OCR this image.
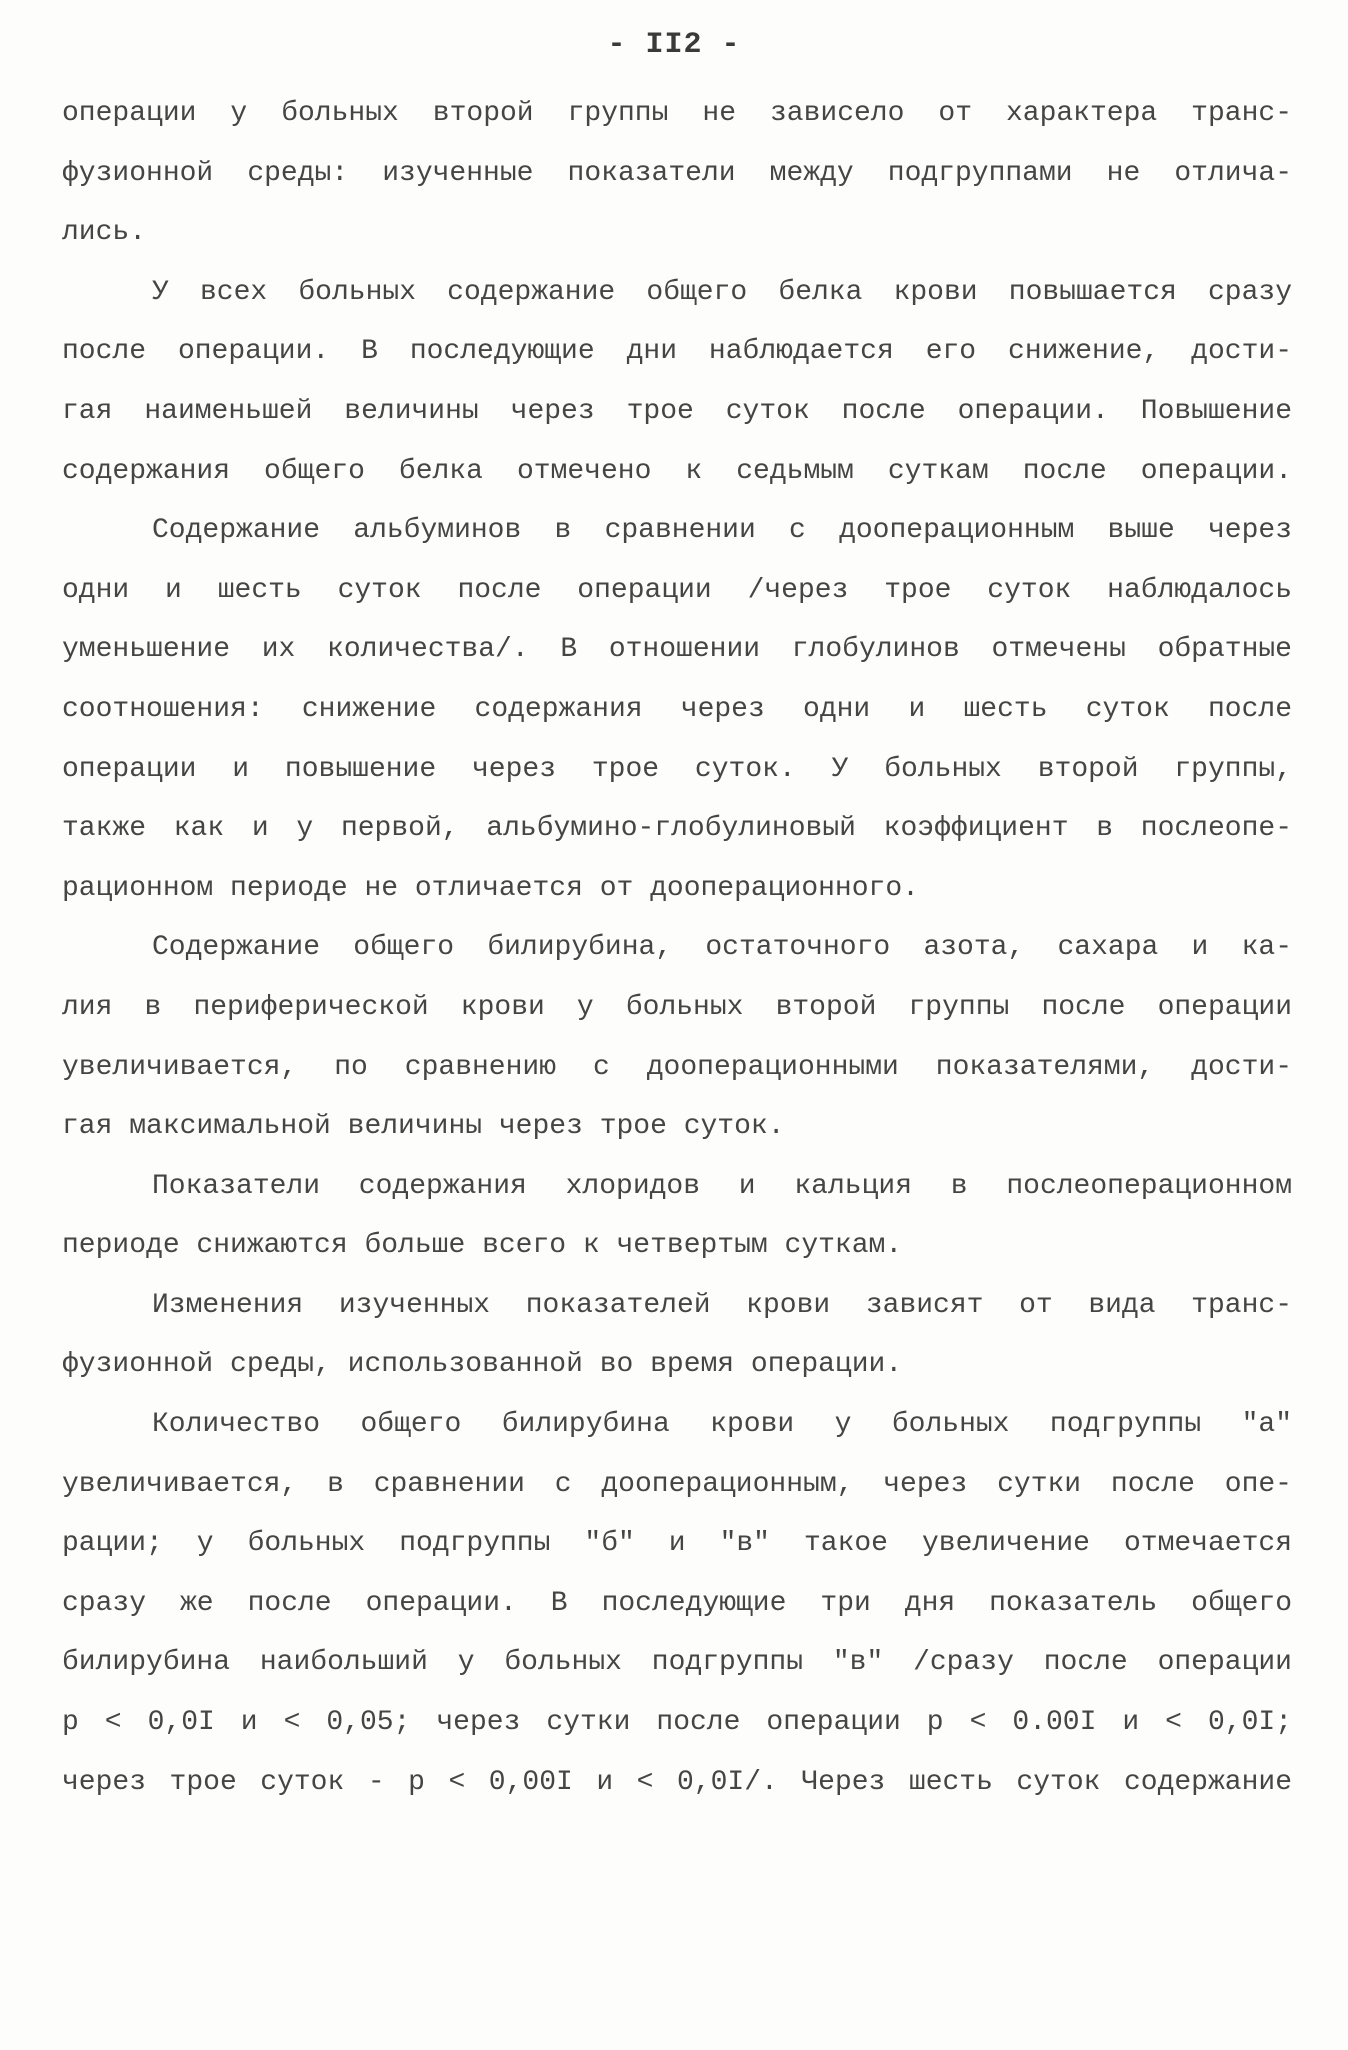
- II2 -
операции у больных второй группы не зависело от характера транс-
фузионной среды: изученные показатели между подгруппами не отлича-
лись.
У всех больных содержание общего белка крови повышается сразу
после операции. В последующие дни наблюдается его снижение, дости-
гая наименьшей величины через трое суток после операции. Повышение
содержания общего белка отмечено к седьмым суткам после операции.
Содержание альбуминов в сравнении с дооперационным выше через
одни и шесть суток после операции /через трое суток наблюдалось
уменьшение их количества/. В отношении глобулинов отмечены обратные
соотношения: снижение содержания через одни и шесть суток после
операции и повышение через трое суток. У больных второй группы,
также как и у первой, альбумино-глобулиновый коэффициент в послеопе-
рационном периоде не отличается от дооперационного.
Содержание общего билирубина, остаточного азота, сахара и ка-
лия в периферической крови у больных второй группы после операции
увеличивается, по сравнению с дооперационными показателями, дости-
гая максимальной величины через трое суток.
Показатели содержания хлоридов и кальция в послеоперационном
периоде снижаются больше всего к четвертым суткам.
Изменения изученных показателей крови зависят от вида транс-
фузионной среды, использованной во время операции.
Количество общего билирубина крови у больных подгруппы "а"
увеличивается, в сравнении с дооперационным, через сутки после опе-
рации; у больных подгруппы "б" и "в" такое увеличение отмечается
сразу же после операции. В последующие три дня показатель общего
билирубина наибольший у больных подгруппы "в" /сразу после операции
р < 0,0I и < 0,05; через сутки после операции р < 0.00I и < 0,0I;
через трое суток - р < 0,00I и < 0,0I/. Через шесть суток содержание
